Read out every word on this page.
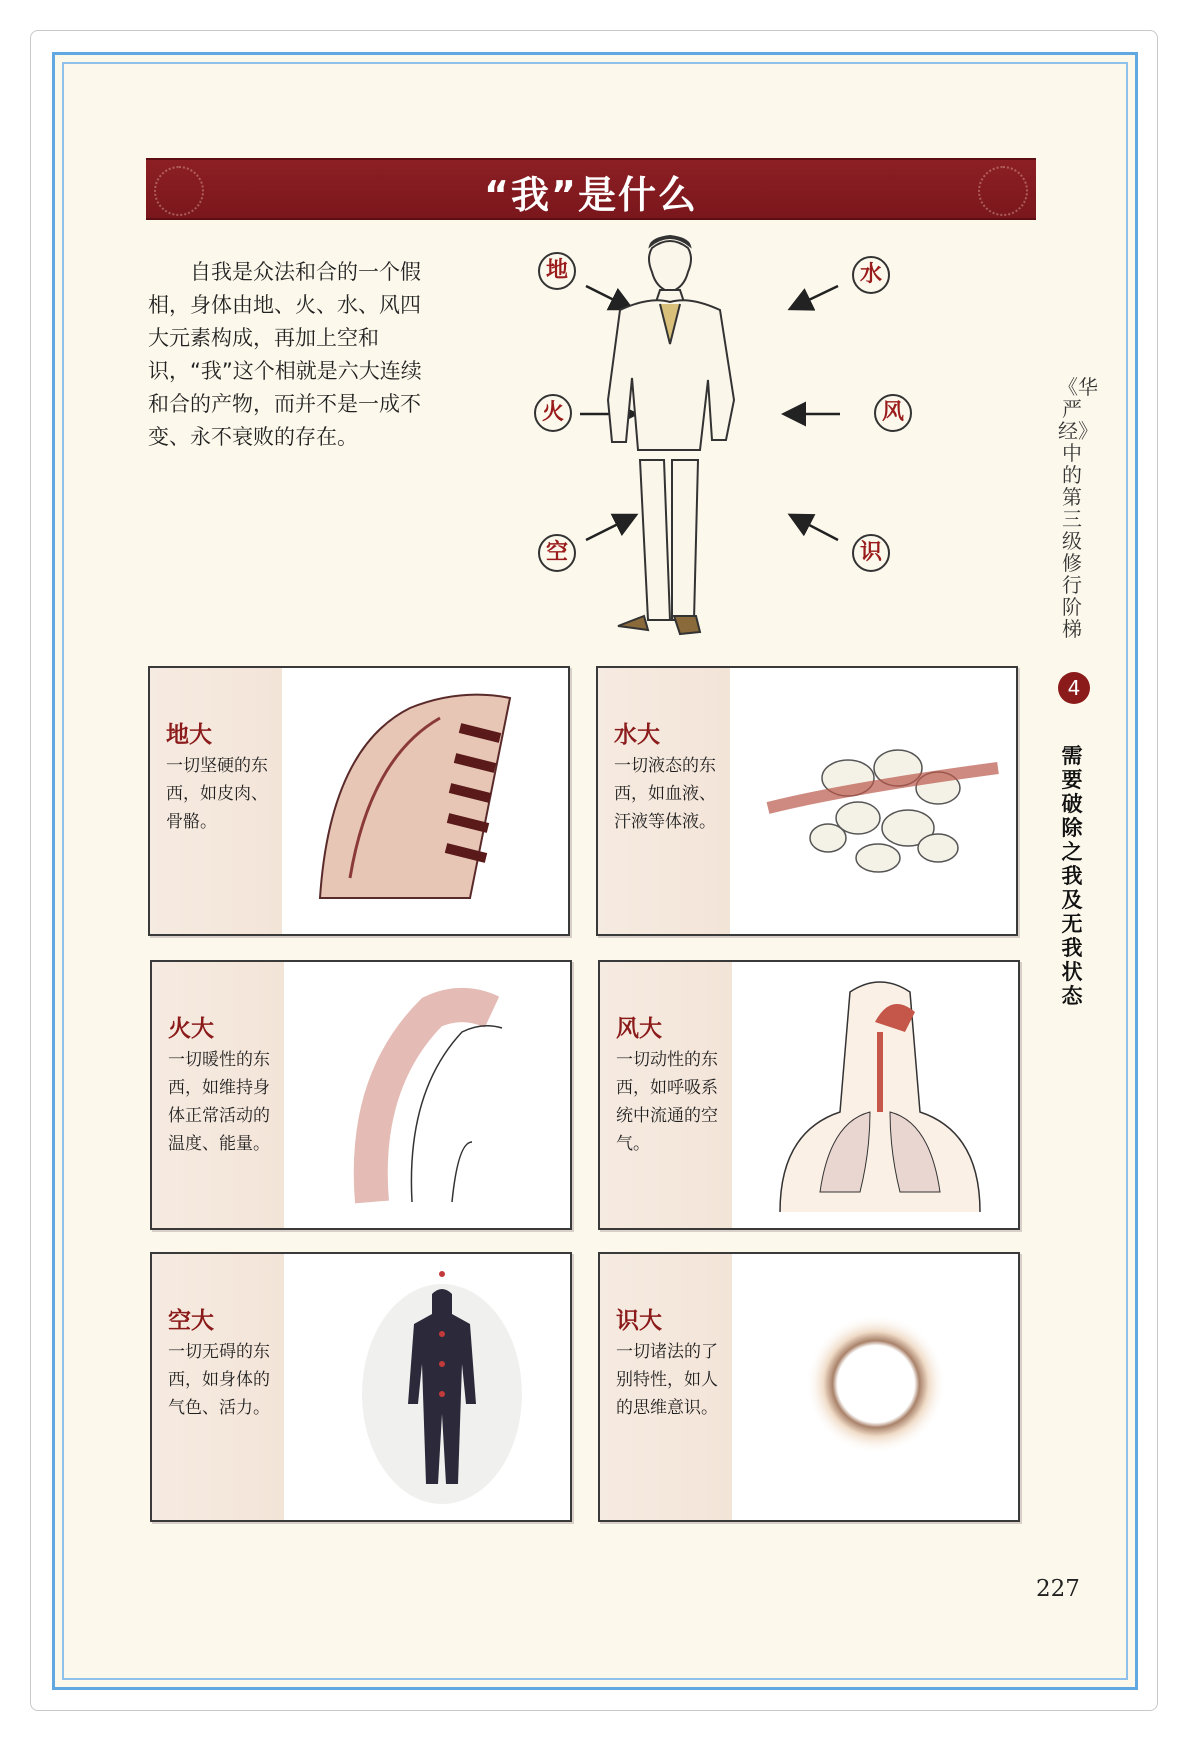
“我”是什么

自我是众法和合的一个假相，身体由地、火、水、风四大元素构成，再加上空和识，“我”这个相就是六大连续和合的产物，而并不是一成不变、永不衰败的存在。

地	水
火	风
空	识
地大
一切坚硬的东西，如皮肉、骨骼。
水大
一切液态的东西，如血液、汗液等体液。
火大
一切暖性的东西，如维持身体正常活动的温度、能量。
风大
一切动性的东西，如呼吸系统中流通的空气。
空大
一切无碍的东西，如身体的气色、活力。
识大
一切诸法的了别特性，如人的思维意识。
《华严经》中的第三级修行阶梯
4
需要破除之我及无我状态
227
